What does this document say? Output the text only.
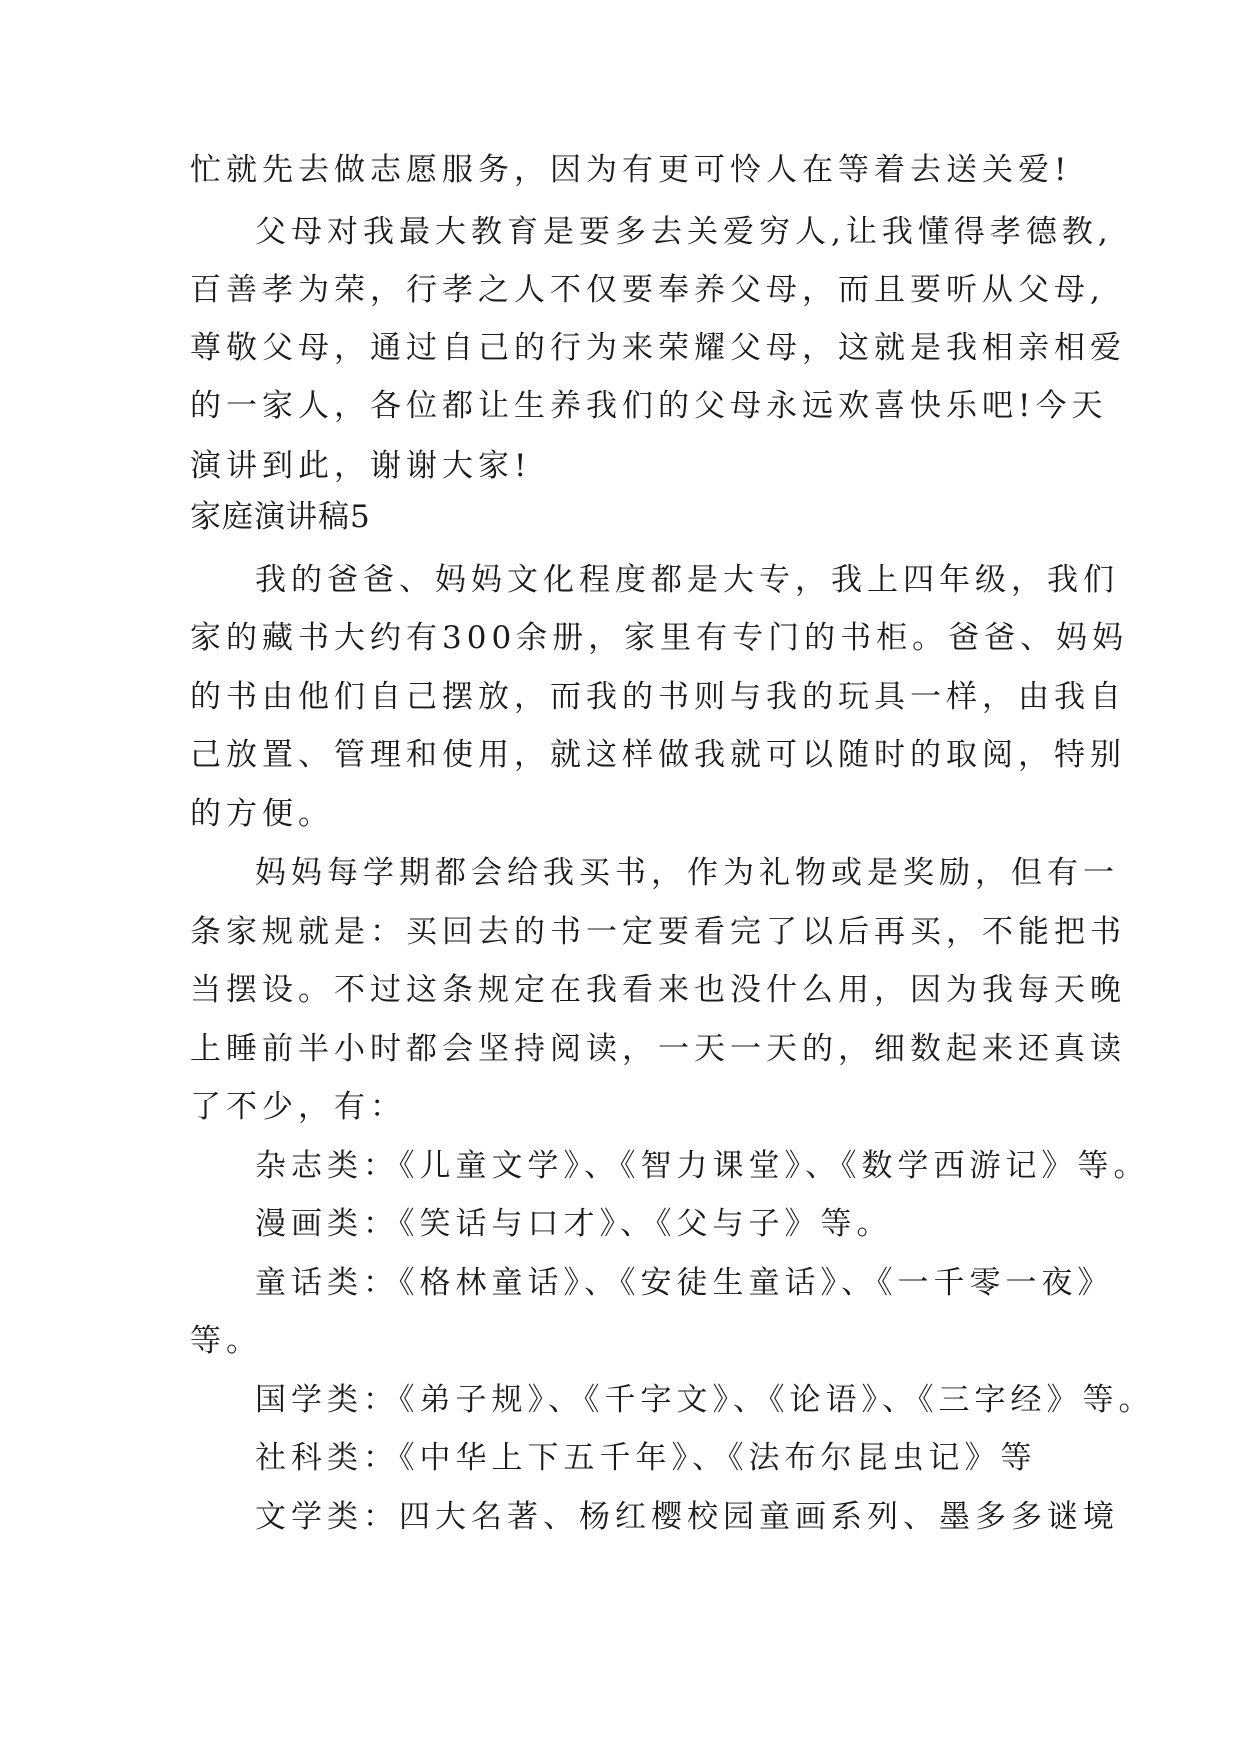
忙就先去做志愿服务，因为有更可怜人在等着去送关爱!
父母对我最大教育是要多去关爱穷人,让我懂得孝德教,
百善孝为荣，行孝之人不仅要奉养父母，而且要听从父母,
尊敬父母，通过自己的行为来荣耀父母，这就是我相亲相爱
的一家人，各位都让生养我们的父母永远欢喜快乐吧!今天
演讲到此，谢谢大家!
家庭演讲稿5
我的爸爸、妈妈文化程度都是大专，我上四年级，我们
家的藏书大约有300余册，家里有专门的书柜。爸爸、妈妈
的书由他们自己摆放，而我的书则与我的玩具一样，由我自
己放置、管理和使用，就这样做我就可以随时的取阅，特别
的方便。
妈妈每学期都会给我买书，作为礼物或是奖励，但有一
条家规就是：买回去的书一定要看完了以后再买，不能把书
当摆设。不过这条规定在我看来也没什么用，因为我每天晚
上睡前半小时都会坚持阅读，一天一天的，细数起来还真读
了不少，有：
杂志类：《儿童文学》、《智力课堂》、《数学西游记》等。
漫画类：《笑话与口才》、《父与子》等。
童话类：《格林童话》、《安徒生童话》、《一千零一夜》
等。
国学类：《弟子规》、《千字文》、《论语》、《三字经》等。
社科类：《中华上下五千年》、《法布尔昆虫记》等
文学类：四大名著、杨红樱校园童画系列、墨多多谜境
